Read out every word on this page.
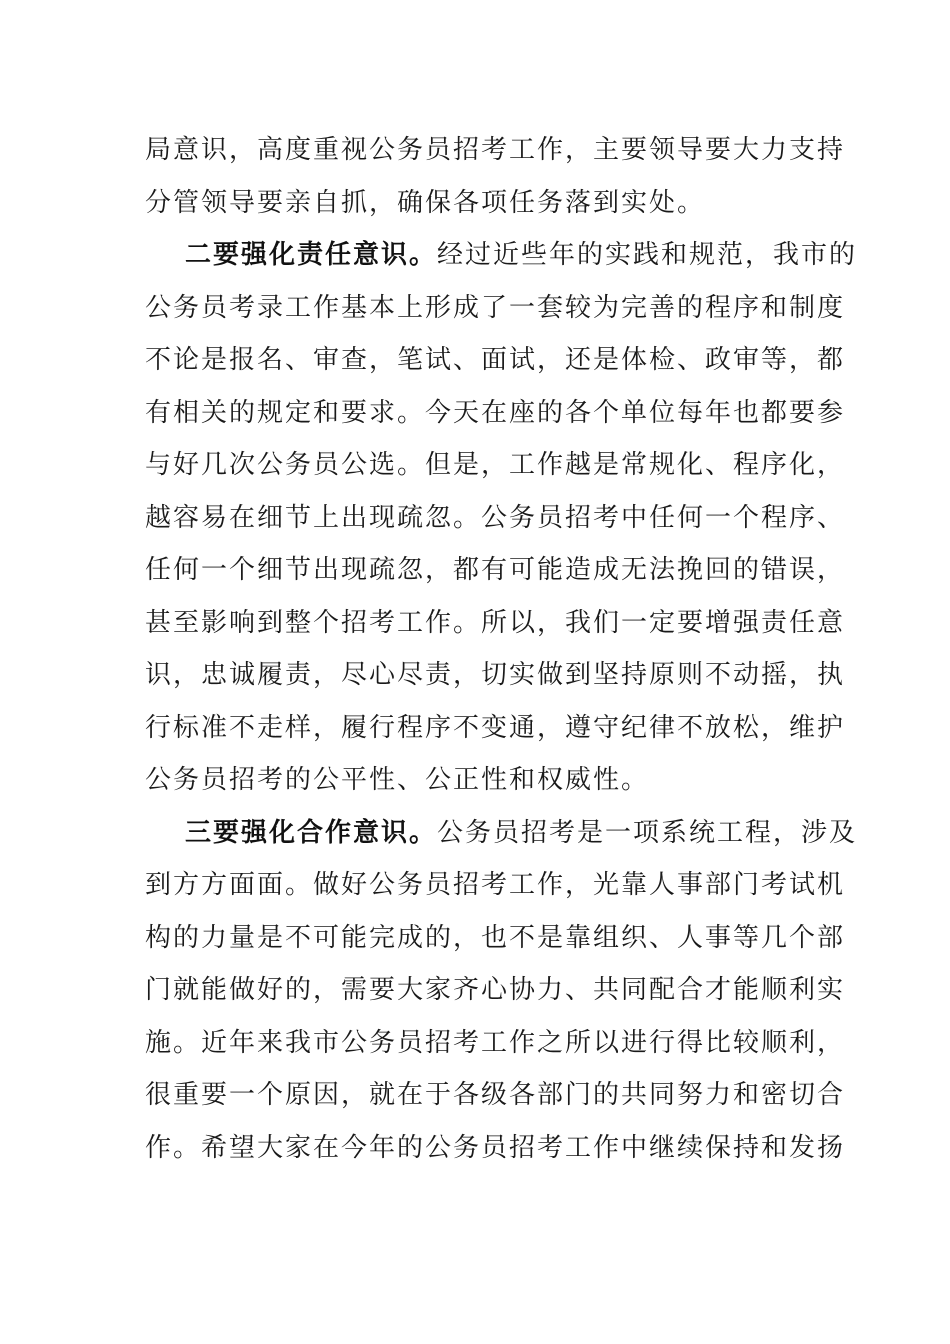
局意识，高度重视公务员招考工作，主要领导要大力支持
分管领导要亲自抓，确保各项任务落到实处。
二要强化责任意识。经过近些年的实践和规范，我市的
公务员考录工作基本上形成了一套较为完善的程序和制度
不论是报名、审查，笔试、面试，还是体检、政审等，都
有相关的规定和要求。今天在座的各个单位每年也都要参
与好几次公务员公选。但是，工作越是常规化、程序化，
越容易在细节上出现疏忽。公务员招考中任何一个程序、
任何一个细节出现疏忽，都有可能造成无法挽回的错误，
甚至影响到整个招考工作。所以，我们一定要增强责任意
识，忠诚履责，尽心尽责，切实做到坚持原则不动摇，执
行标准不走样，履行程序不变通，遵守纪律不放松，维护
公务员招考的公平性、公正性和权威性。
三要强化合作意识。公务员招考是一项系统工程，涉及
到方方面面。做好公务员招考工作，光靠人事部门考试机
构的力量是不可能完成的，也不是靠组织、人事等几个部
门就能做好的，需要大家齐心协力、共同配合才能顺利实
施。近年来我市公务员招考工作之所以进行得比较顺利，
很重要一个原因，就在于各级各部门的共同努力和密切合
作。希望大家在今年的公务员招考工作中继续保持和发扬
